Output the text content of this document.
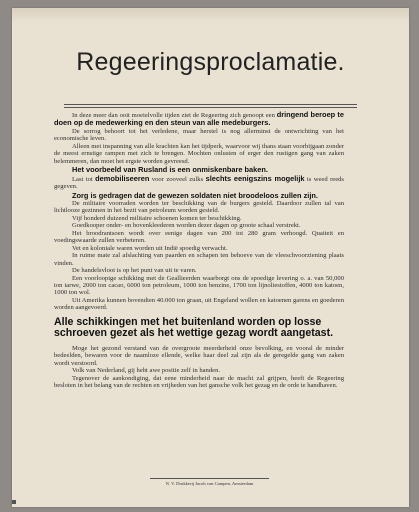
Regeeringsproclamatie.

In deze meer dan ooit moeielvolle tijden ziet de Regeering zich genoopt een dringend beroep te doen op de medewerking en den steun van alle medeburgers.

De sorrog behoort tot het verledene, maar herstel is nog allerminst de ontwrichting van het economische leven.

Alleen met inspanning van alle krachten kan het tijdperk, waarvoor wij thans staan voorbijgaan zonder de meest ernstige rampen met zich te brengen. Mochten onlusten of erger den rustigen gang van zaken belemmeren, dan moet het ergste worden gevreesd.

Het voorbeeld van Rusland is een onmiskenbare baken.

Last tot demobiliseeren voor zooveel zulks slechts eenigszins mogelijk is weed reeds gegeven.

Zorg is gedragen dat de gewezen soldaten niet broodeloos zullen zijn.

De militaire voorraden worden ter beschikking van de burgers gesteld. Daardoor zullen tal van lichtlooze gezinnen in het bezit van petroleum worden gesteld.

Vijf honderd duizend militaire schoenen komen ter beschikking.

Goedkooper onder- en bovenkleederen worden dezer dagen op groote schaal verstrekt.

Het broodrantsoen wordt over eenige dagen van 200 tot 280 gram verhoogd. Quaiteit en voedingswaarde zullen verbeteren.

Vet en koloniale waren worden uit Indië spoedig verwacht.

In ruime mate zal afslachting van paarden en schapen ten behoeve van de vleeschvoorziening plaats vinden.

De handelsvloot is op het punt van uit te varen.

Een voorloopige schikking met de Geallieerden waarborgt ons de spoedige levering o. a. van 50,000 ton tarwe, 2000 ton cacao, 6000 ton petroleum, 1000 ton benzine, 1700 ton lijnoliestoffen, 4000 ton katoen, 1000 ton wol.

Uit Amerika kunnen bovendien 40.000 ton graan, uit Engeland wollen en katoenen garens en goederen worden aangevoerd.

Alle schikkingen met het buitenland worden op losse schroeven gezet als het wettige gezag wordt aangetast.

Moge het gezond verstand van de overgroote meerderheid onze bevolking, en vooral de minder bedeelden, bewaren voor de naamloze ellende, welke haar deel zal zijn als de geregelde gang van zaken wordt verstoord.

Volk van Nederland, gij hebt awe positie zelf in handen.

Tegenover de aankondiging, dat eene minderheid naar de macht zal grijpen, heeft de Regeering besloten in het belang van de rechten en vrijheden van het gansche volk het gezag en de orde te handhaven.

N. V. Drukkerij Jacob van Campen, Amsterdam
